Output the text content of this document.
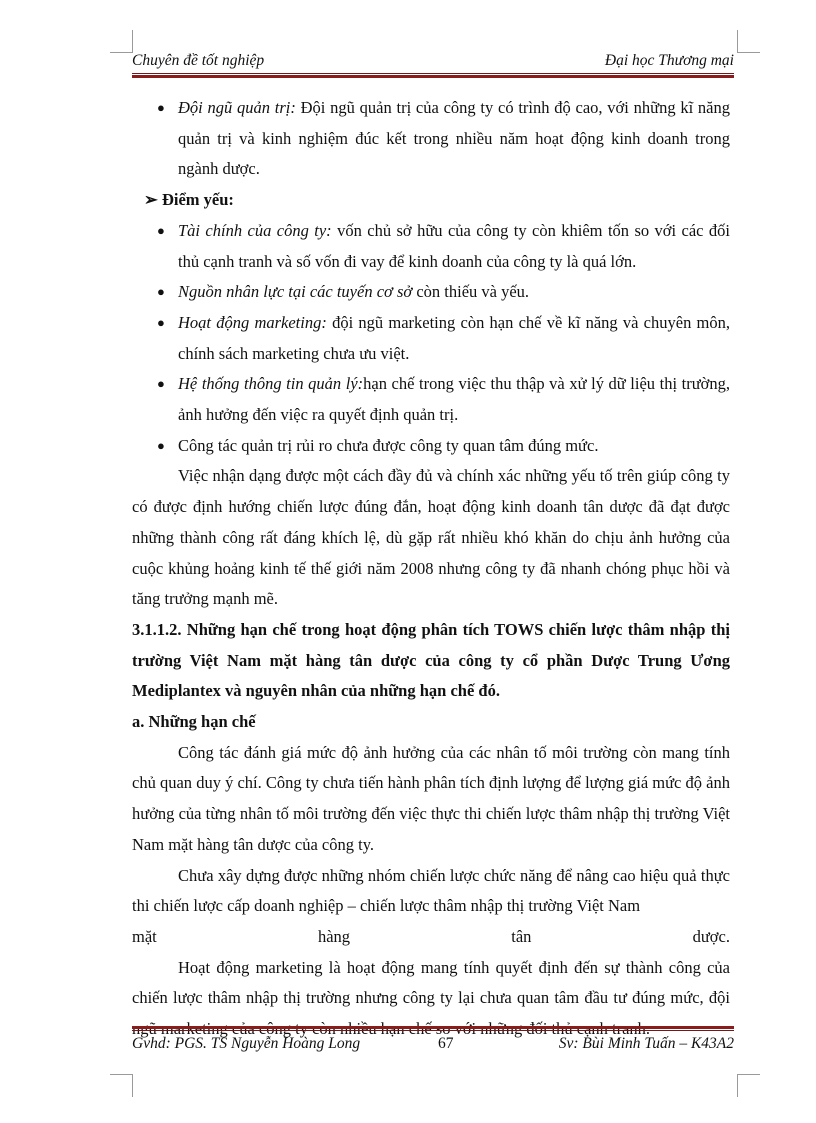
Chuyên đề tốt nghiệp	Đại học Thương mại
● Đội ngũ quản trị: Đội ngũ quản trị của công ty có trình độ cao, với những kĩ năng quản trị và kinh nghiệm đúc kết trong nhiều năm hoạt động kinh doanh trong ngành dược.

➢ Điểm yếu:

● Tài chính của công ty: vốn chủ sở hữu của công ty còn khiêm tốn so với các đối thủ cạnh tranh và số vốn đi vay để kinh doanh của công ty là quá lớn.
● Nguồn nhân lực tại các tuyến cơ sở còn thiếu và yếu.
● Hoạt động marketing: đội ngũ marketing còn hạn chế về kĩ năng và chuyên môn, chính sách marketing chưa ưu việt.
● Hệ thống thông tin quản lý:hạn chế trong việc thu thập và xử lý dữ liệu thị trường, ảnh hưởng đến việc ra quyết định quản trị.
● Công tác quản trị rủi ro chưa được công ty quan tâm đúng mức.

Việc nhận dạng được một cách đầy đủ và chính xác những yếu tố trên giúp công ty có được định hướng chiến lược đúng đắn, hoạt động kinh doanh tân dược đã đạt được những thành công rất đáng khích lệ, dù gặp rất nhiều khó khăn do chịu ảnh hưởng của cuộc khủng hoảng kinh tế thế giới năm 2008 nhưng công ty đã nhanh chóng phục hồi và tăng trưởng mạnh mẽ.

3.1.1.2. Những hạn chế trong hoạt động phân tích TOWS chiến lược thâm nhập thị trường Việt Nam mặt hàng tân dược của công ty cổ phần Dược Trung Ương Mediplantex và nguyên nhân của những hạn chế đó.

a. Những hạn chế

Công tác đánh giá mức độ ảnh hưởng của các nhân tố môi trường còn mang tính chủ quan duy ý chí. Công ty chưa tiến hành phân tích định lượng để lượng giá mức độ ảnh hưởng của từng nhân tố môi trường đến việc thực thi chiến lược thâm nhập thị trường Việt Nam mặt hàng tân dược của công ty.

Chưa xây dựng được những nhóm chiến lược chức năng để nâng cao hiệu quả thực thi chiến lược cấp doanh nghiệp – chiến lược thâm nhập thị trường Việt Nam

mặt	hàng	tân	dược.

Hoạt động marketing là hoạt động mang tính quyết định đến sự thành công của chiến lược thâm nhập thị trường nhưng công ty lại chưa quan tâm đầu tư đúng mức, đội ngũ marketing của công ty còn nhiều hạn chế so với những đối thủ cạnh tranh.

Gvhd: PGS. TS Nguyễn Hoàng Long	67	Sv: Bùi Minh Tuấn – K43A2
